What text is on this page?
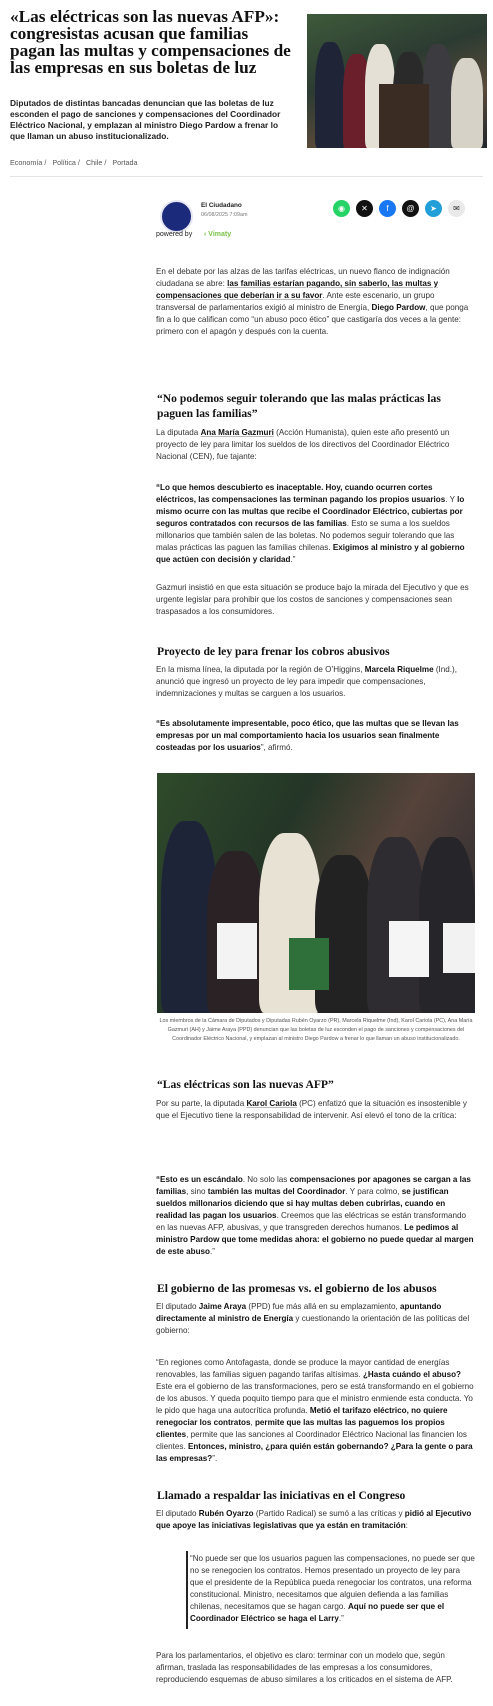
«Las eléctricas son las nuevas AFP»: congresistas acusan que familias pagan las multas y compensaciones de las empresas en sus boletas de luz

Diputados de distintas bancadas denuncian que las boletas de luz esconden el pago de sanciones y compensaciones del Coordinador Eléctrico Nacional, y emplazan al ministro Diego Pardow a frenar lo que llaman un abuso institucionalizado.

Economía / Política / Chile / Portada
El Ciudadano
06/08/2025 7:09am
powered by ‹ Vimaty
◉ ✕ f @ ➤ ✉

En el debate por las alzas de las tarifas eléctricas, un nuevo flanco de indignación ciudadana se abre: las familias estarían pagando, sin saberlo, las multas y compensaciones que deberían ir a su favor. Ante este escenario, un grupo transversal de parlamentarios exigió al ministro de Energía, Diego Pardow, que ponga fin a lo que califican como “un abuso poco ético” que castigaría dos veces a la gente: primero con el apagón y después con la cuenta.

“No podemos seguir tolerando que las malas prácticas las paguen las familias”

La diputada Ana María Gazmuri (Acción Humanista), quien este año presentó un proyecto de ley para limitar los sueldos de los directivos del Coordinador Eléctrico Nacional (CEN), fue tajante:

“Lo que hemos descubierto es inaceptable. Hoy, cuando ocurren cortes eléctricos, las compensaciones las terminan pagando los propios usuarios. Y lo mismo ocurre con las multas que recibe el Coordinador Eléctrico, cubiertas por seguros contratados con recursos de las familias. Esto se suma a los sueldos millonarios que también salen de las boletas. No podemos seguir tolerando que las malas prácticas las paguen las familias chilenas. Exigimos al ministro y al gobierno que actúen con decisión y claridad.”

Gazmuri insistió en que esta situación se produce bajo la mirada del Ejecutivo y que es urgente legislar para prohibir que los costos de sanciones y compensaciones sean traspasados a los consumidores.

Proyecto de ley para frenar los cobros abusivos

En la misma línea, la diputada por la región de O’Higgins, Marcela Riquelme (Ind.), anunció que ingresó un proyecto de ley para impedir que compensaciones, indemnizaciones y multas se carguen a los usuarios.

“Es absolutamente impresentable, poco ético, que las multas que se llevan las empresas por un mal comportamiento hacia los usuarios sean finalmente costeadas por los usuarios”, afirmó.

Los miembros de la Cámara de Diputados y Diputadas Rubén Oyarzo (PR), Marcela Riquelme (Ind), Karol Cariola (PC), Ana María Gazmuri (AH) y Jaime Araya (PPD) denuncian que las boletas de luz esconden el pago de sanciones y compensaciones del Coordinador Eléctrico Nacional, y emplazan al ministro Diego Pardow a frenar lo que llaman un abuso institucionalizado.

“Las eléctricas son las nuevas AFP”

Por su parte, la diputada Karol Cariola (PC) enfatizó que la situación es insostenible y que el Ejecutivo tiene la responsabilidad de intervenir. Así elevó el tono de la crítica:

“Esto es un escándalo. No solo las compensaciones por apagones se cargan a las familias, sino también las multas del Coordinador. Y para colmo, se justifican sueldos millonarios diciendo que si hay multas deben cubrirlas, cuando en realidad las pagan los usuarios. Creemos que las eléctricas se están transformando en las nuevas AFP, abusivas, y que transgreden derechos humanos. Le pedimos al ministro Pardow que tome medidas ahora: el gobierno no puede quedar al margen de este abuso.”

El gobierno de las promesas vs. el gobierno de los abusos

El diputado Jaime Araya (PPD) fue más allá en su emplazamiento, apuntando directamente al ministro de Energía y cuestionando la orientación de las políticas del gobierno:

“En regiones como Antofagasta, donde se produce la mayor cantidad de energías renovables, las familias siguen pagando tarifas altísimas. ¿Hasta cuándo el abuso? Este era el gobierno de las transformaciones, pero se está transformando en el gobierno de los abusos. Y queda poquito tiempo para que el ministro enmiende esta conducta. Yo le pido que haga una autocrítica profunda. Metió el tarifazo eléctrico, no quiere renegociar los contratos, permite que las multas las paguemos los propios clientes, permite que las sanciones al Coordinador Eléctrico Nacional las financien los clientes. Entonces, ministro, ¿para quién están gobernando? ¿Para la gente o para las empresas?”.

Llamado a respaldar las iniciativas en el Congreso

El diputado Rubén Oyarzo (Partido Radical) se sumó a las críticas y pidió al Ejecutivo que apoye las iniciativas legislativas que ya están en tramitación:

“No puede ser que los usuarios paguen las compensaciones, no puede ser que no se renegocien los contratos. Hemos presentado un proyecto de ley para que el presidente de la República pueda renegociar los contratos, una reforma constitucional. Ministro, necesitamos que alguien defienda a las familias chilenas, necesitamos que se hagan cargo. Aquí no puede ser que el Coordinador Eléctrico se haga el Larry.”

Para los parlamentarios, el objetivo es claro: terminar con un modelo que, según afirman, traslada las responsabilidades de las empresas a los consumidores, reproduciendo esquemas de abuso similares a los criticados en el sistema de AFP.
